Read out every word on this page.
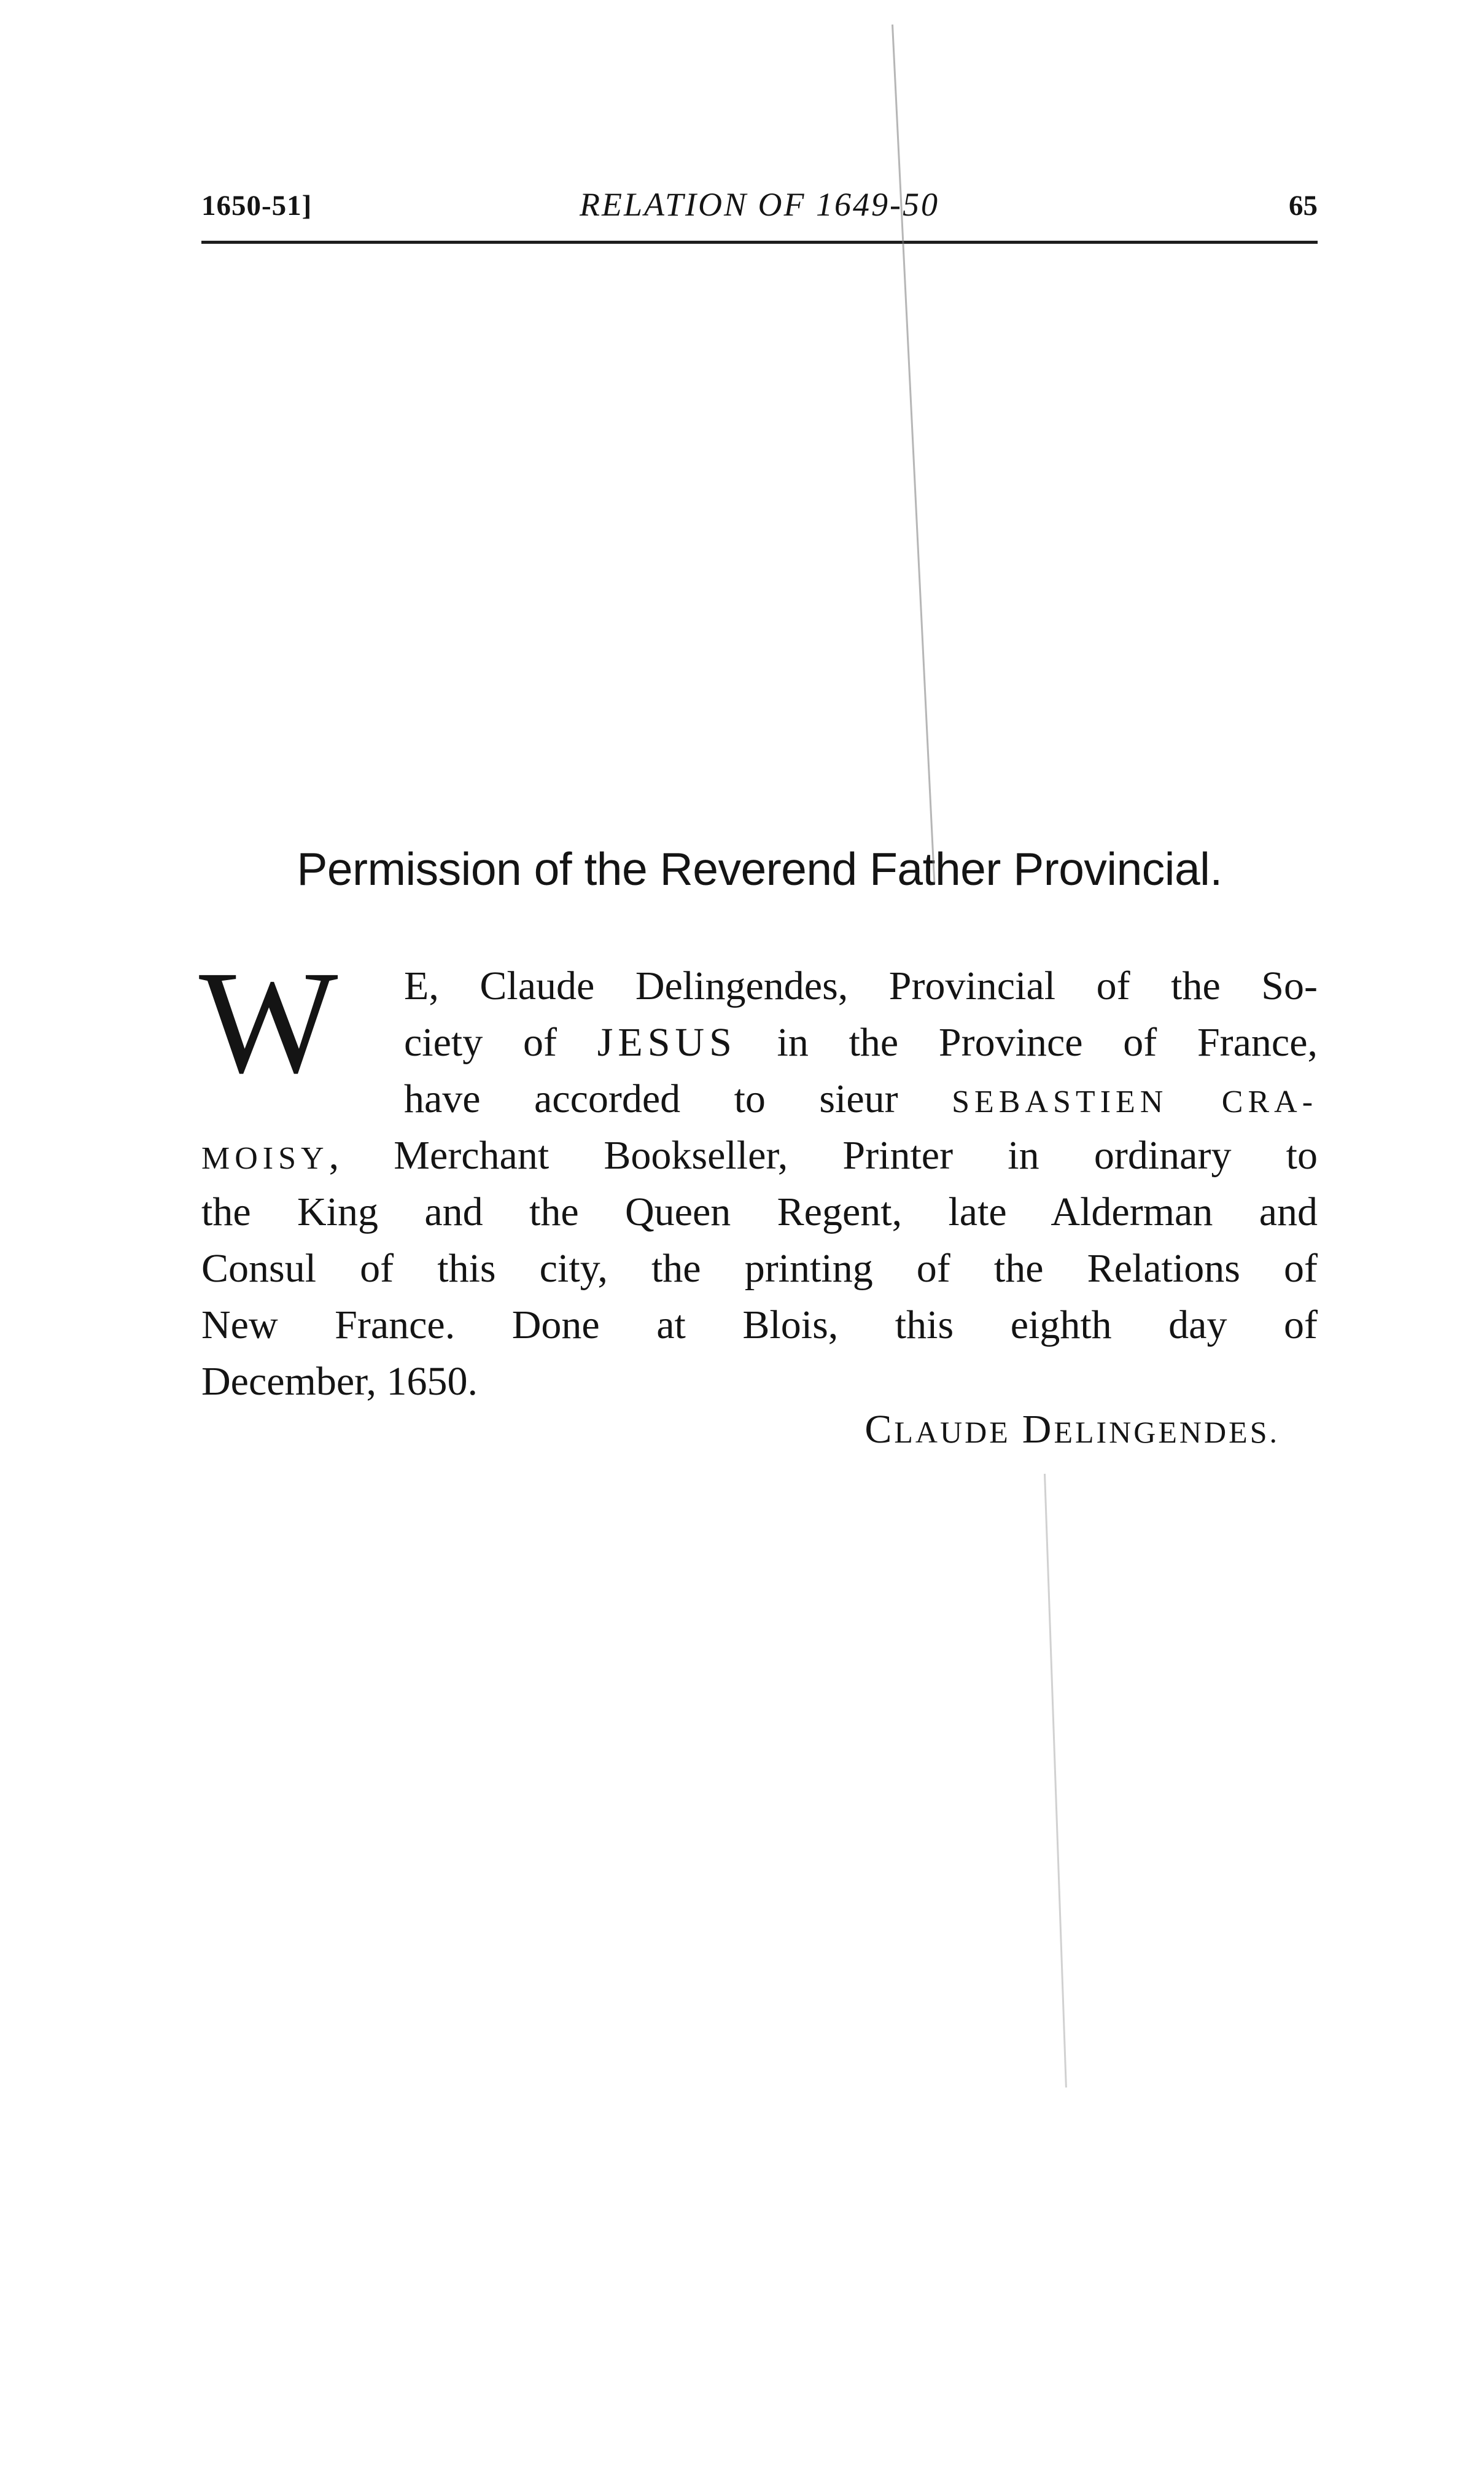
1650-51]	RELATION OF 1649-50	65
Permission of the Reverend Father Provincial.
W E, Claude Delingendes, Provincial of the So-
ciety of JESUS in the Province of France,
have accorded to sieur SEBASTIEN CRA-
MOISY, Merchant Bookseller, Printer in ordinary to
the King and the Queen Regent, late Alderman and
Consul of this city, the printing of the Relations of
New France. Done at Blois, this eighth day of
December, 1650.
CLAUDE DELINGENDES.
